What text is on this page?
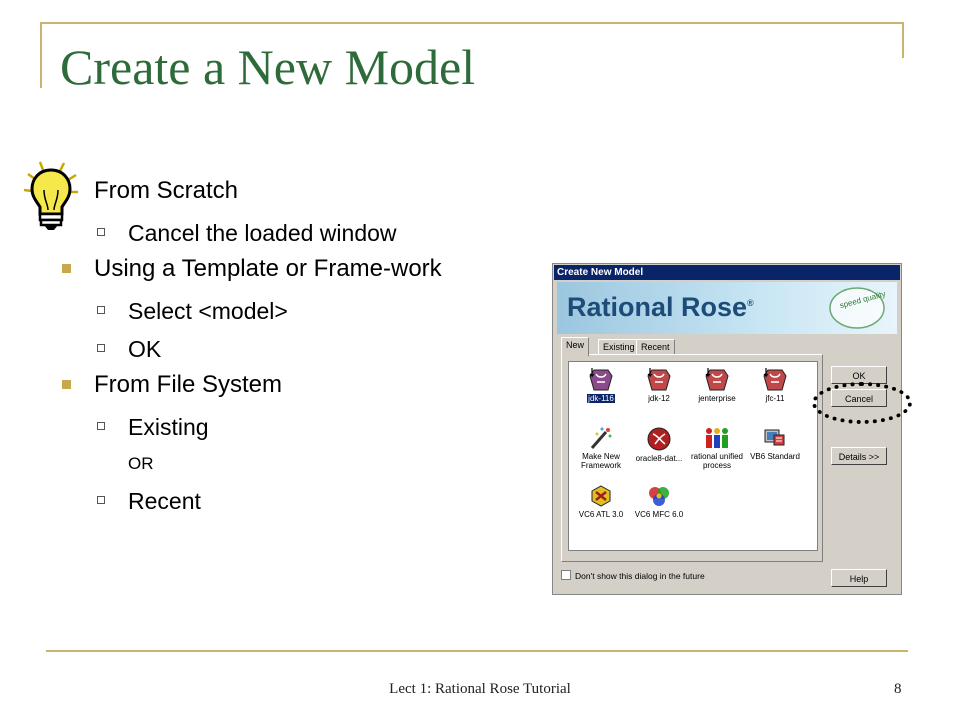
Create a New Model
From Scratch
Cancel the loaded window
Using a Template or Frame-work
Select <model>
OK
From File System
Existing
OR
Recent
Create New Model
Rational Rose®	speed quality
New	Existing Recent
jdk-116	jdk-12	jenterprise	jfc-11
Make New Framework
oracle8-dat...	rational unified process
VB6 Standard
VC6 ATL 3.0	VC6 MFC 6.0
OK
Cancel
Details >>
Help
Don't show this dialog in the future
Lect 1: Rational Rose Tutorial	8
